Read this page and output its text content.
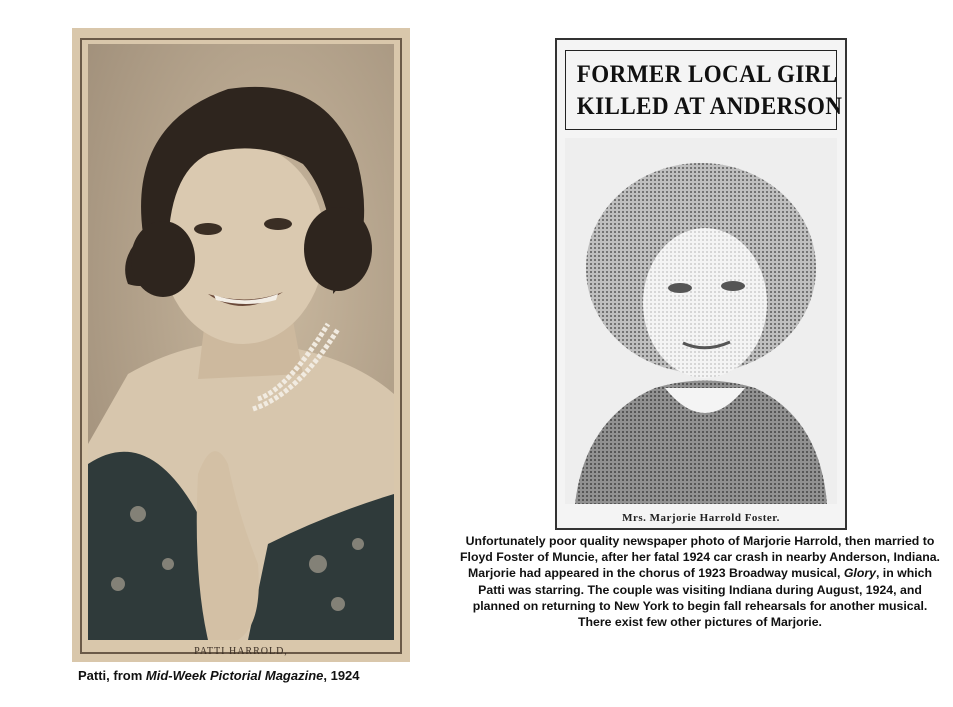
PATTI HARROLD,
Patti, from Mid-Week Pictorial Magazine, 1924
FORMER LOCAL GIRL
KILLED AT ANDERSON
Mrs. Marjorie Harrold Foster.
Unfortunately poor quality newspaper photo of Marjorie Harrold, then married to Floyd Foster of Muncie, after her fatal 1924 car crash in nearby Anderson, Indiana. Marjorie had appeared in the chorus of 1923 Broadway musical, Glory, in which Patti was starring. The couple was visiting Indiana during August, 1924, and planned on returning to New York to begin fall rehearsals for another musical. There exist few other pictures of Marjorie.
